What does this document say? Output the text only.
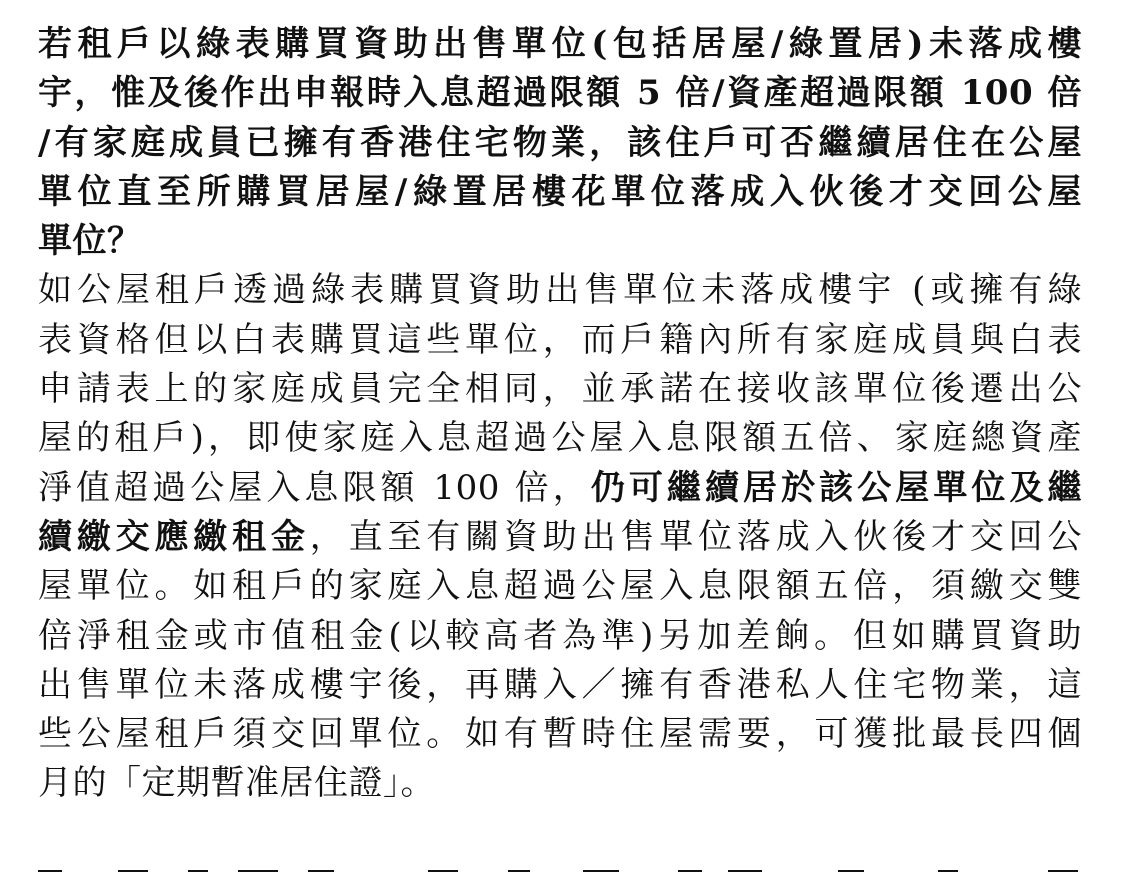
若租戶以綠表購買資助出售單位(包括居屋/綠置居)未落成樓
宇，惟及後作出申報時入息超過限額 5 倍/資產超過限額 100 倍
/有家庭成員已擁有香港住宅物業，該住戶可否繼續居住在公屋
單位直至所購買居屋/綠置居樓花單位落成入伙後才交回公屋
單位？
如公屋租戶透過綠表購買資助出售單位未落成樓宇 (或擁有綠
表資格但以白表購買這些單位，而戶籍內所有家庭成員與白表
申請表上的家庭成員完全相同，並承諾在接收該單位後遷出公
屋的租戶)，即使家庭入息超過公屋入息限額五倍、家庭總資產
淨值超過公屋入息限額 100 倍，仍可繼續居於該公屋單位及繼
續繳交應繳租金，直至有關資助出售單位落成入伙後才交回公
屋單位。如租戶的家庭入息超過公屋入息限額五倍，須繳交雙
倍淨租金或市值租金(以較高者為準)另加差餉。但如購買資助
出售單位未落成樓宇後，再購入／擁有香港私人住宅物業，這
些公屋租戶須交回單位。如有暫時住屋需要，可獲批最長四個
月的「定期暫准居住證」。
